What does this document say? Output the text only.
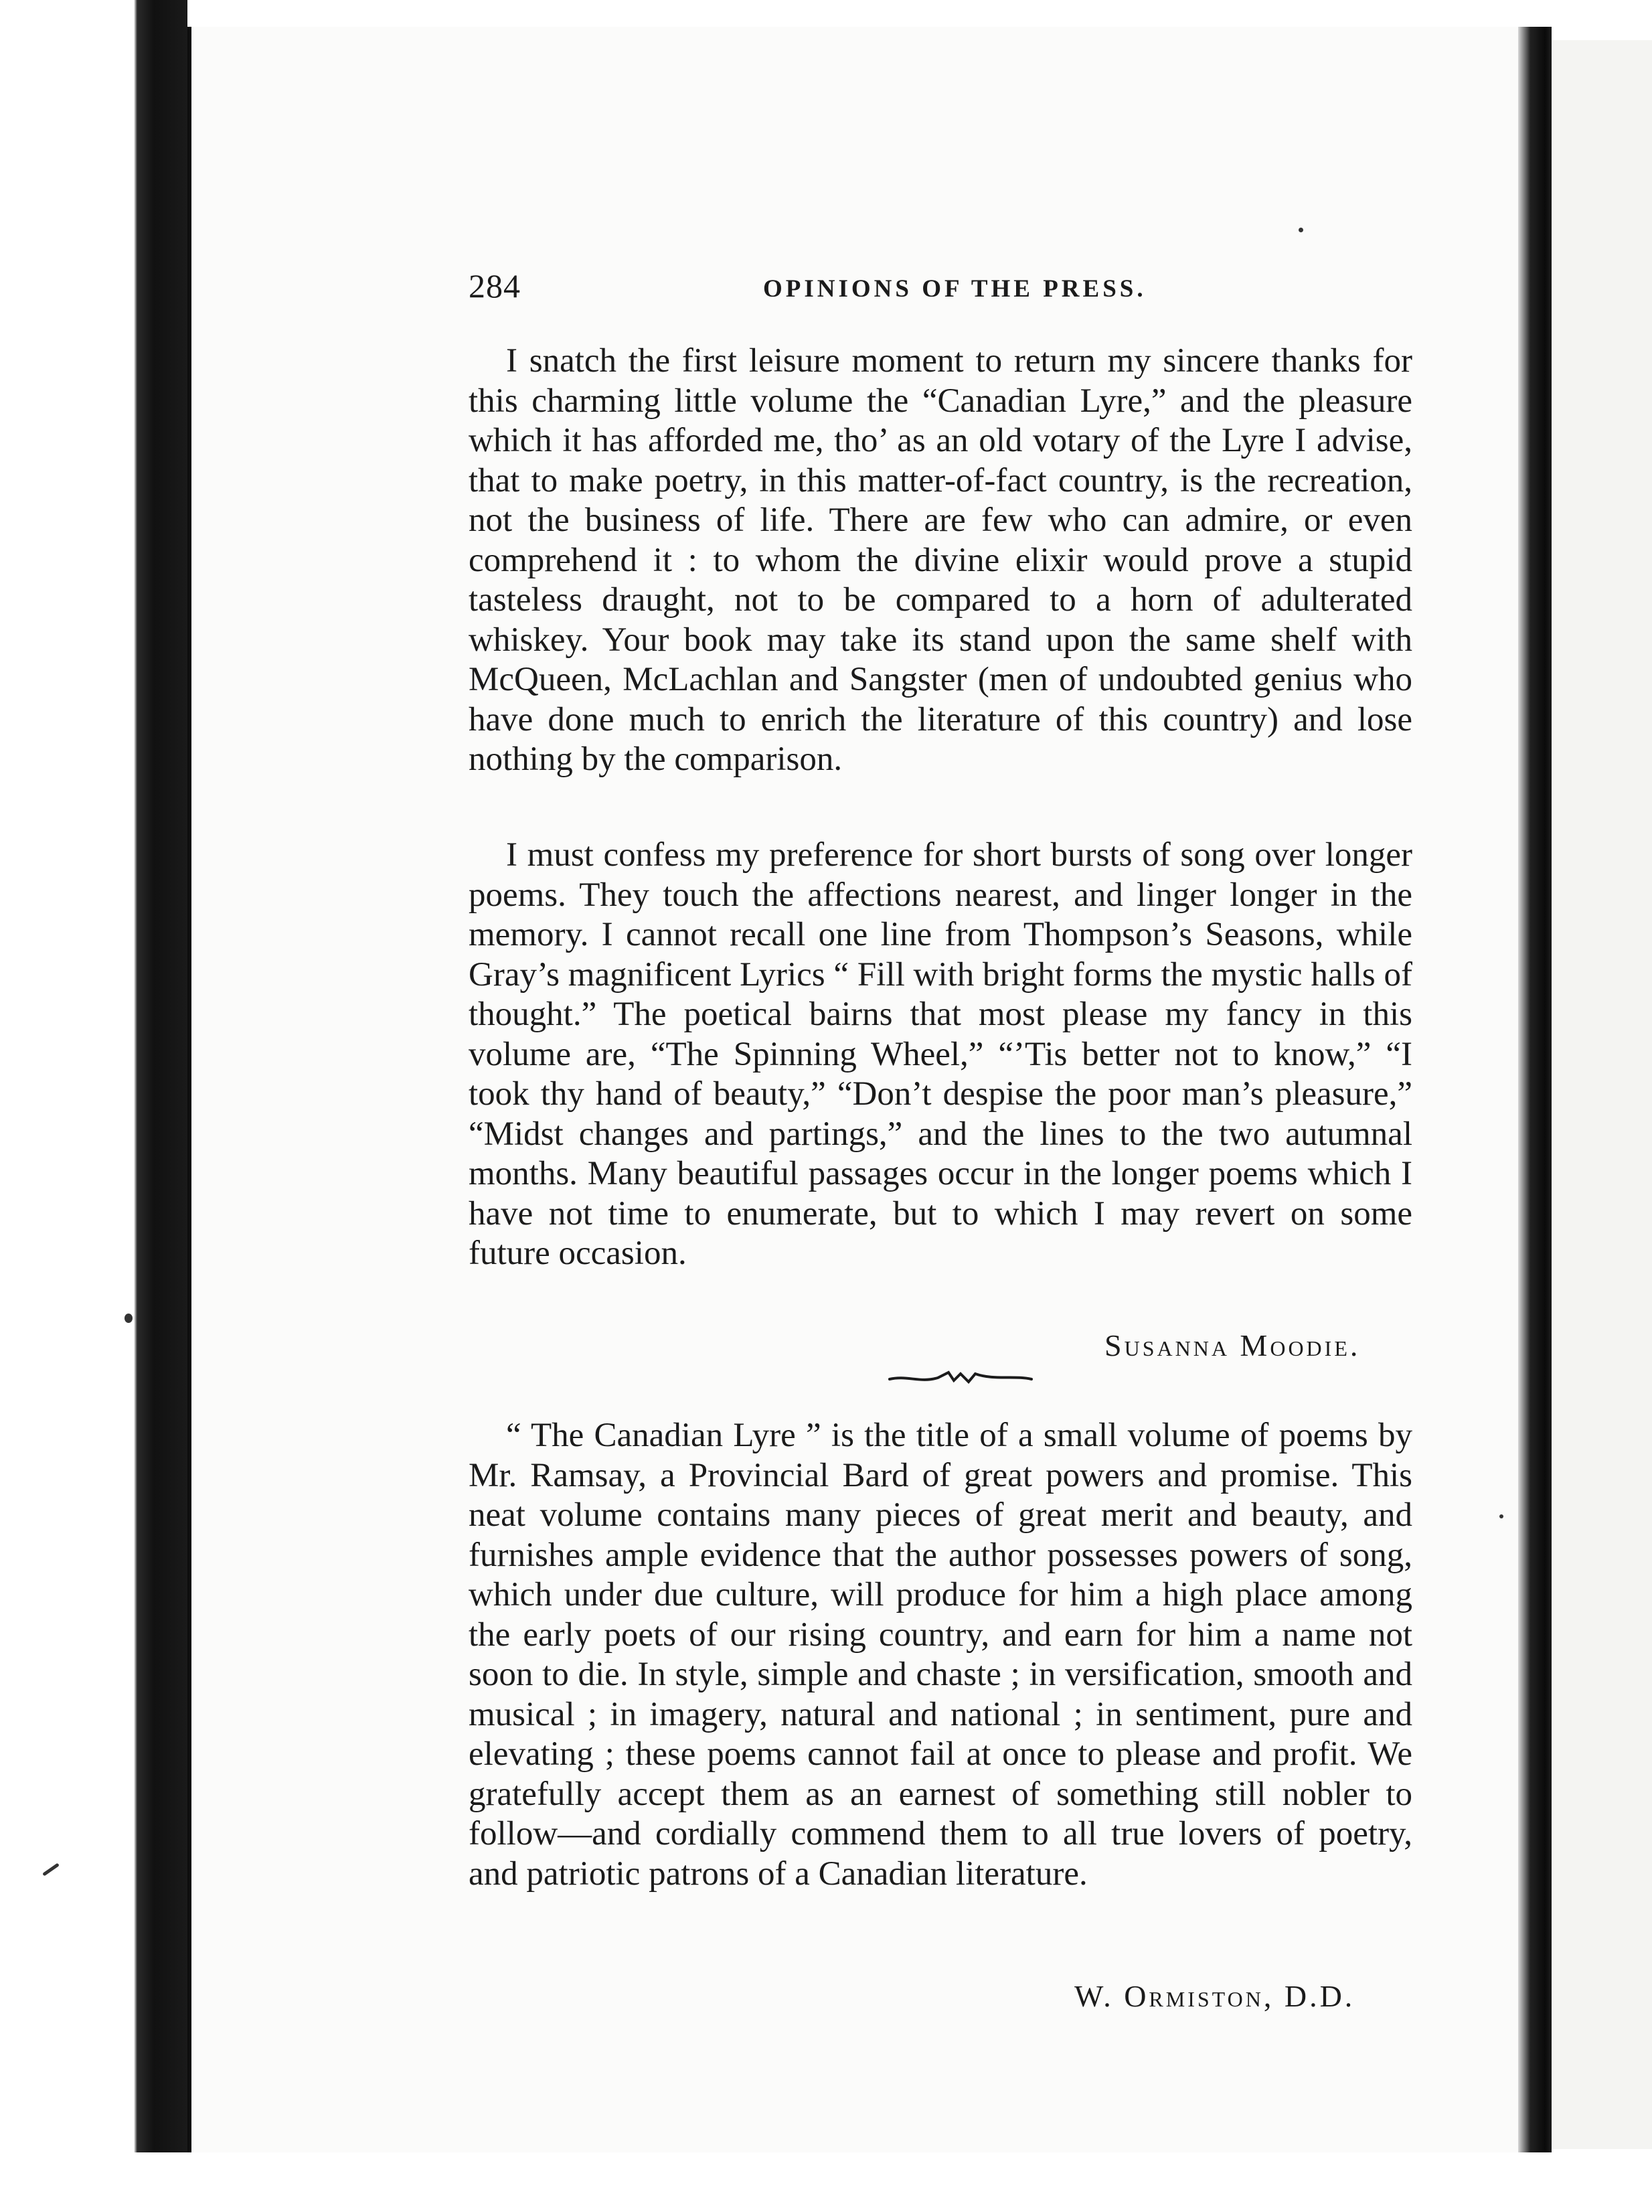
284	OPINIONS OF THE PRESS.

I snatch the first leisure moment to return my sincere thanks for this charming little volume the “Canadian Lyre,” and the pleasure which it has afforded me, tho’ as an old votary of the Lyre I advise, that to make poetry, in this matter-of-fact country, is the recreation, not the business of life. There are few who can admire, or even comprehend it : to whom the divine elixir would prove a stupid tasteless draught, not to be compared to a horn of adulterated whiskey. Your book may take its stand upon the same shelf with McQueen, McLachlan and Sangster (men of undoubted genius who have done much to enrich the literature of this country) and lose nothing by the comparison.

I must confess my preference for short bursts of song over longer poems. They touch the affections nearest, and linger longer in the memory. I cannot recall one line from Thompson’s Seasons, while Gray’s magnificent Lyrics “ Fill with bright forms the mystic halls of thought.” The poetical bairns that most please my fancy in this volume are, “The Spinning Wheel,” “’Tis better not to know,” “I took thy hand of beauty,” “Don’t despise the poor man’s pleasure,” “Midst changes and partings,” and the lines to the two autumnal months. Many beautiful passages occur in the longer poems which I have not time to enumerate, but to which I may revert on some future occasion.

Susanna Moodie.

“ The Canadian Lyre ” is the title of a small volume of poems by Mr. Ramsay, a Provincial Bard of great powers and promise. This neat volume contains many pieces of great merit and beauty, and furnishes ample evidence that the author possesses powers of song, which under due culture, will produce for him a high place among the early poets of our rising country, and earn for him a name not soon to die. In style, simple and chaste ; in versification, smooth and musical ; in imagery, natural and national ; in sentiment, pure and elevating ; these poems cannot fail at once to please and profit. We gratefully accept them as an earnest of something still nobler to follow—and cordially commend them to all true lovers of poetry, and patriotic patrons of a Canadian literature.

W. Ormiston, D.D.
